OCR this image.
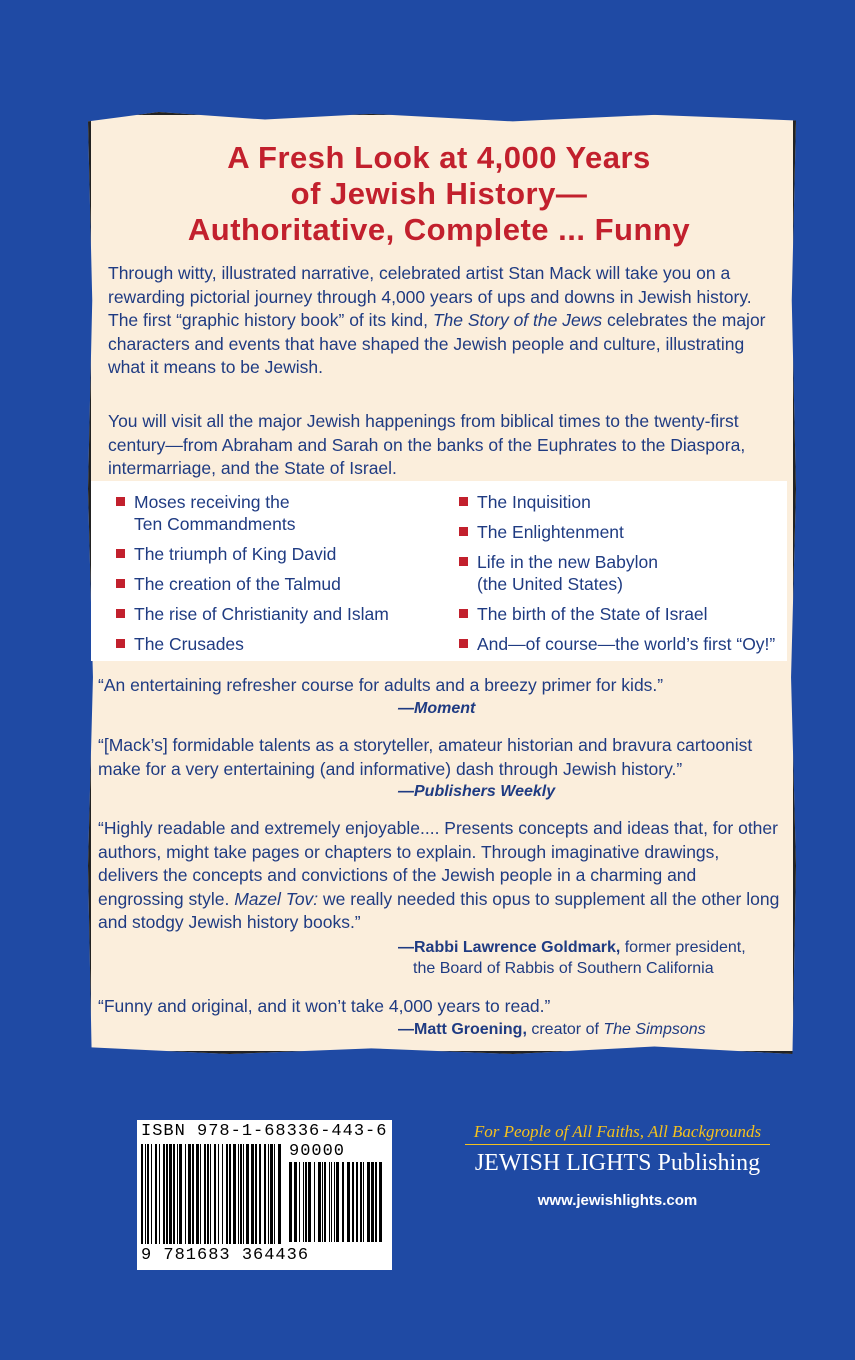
A Fresh Look at 4,000 Years
of Jewish History—
Authoritative, Complete ... Funny
Through witty, illustrated narrative, celebrated artist Stan Mack will take you on a rewarding pictorial journey through 4,000 years of ups and downs in Jewish history. The first “graphic history book” of its kind, The Story of the Jews celebrates the major characters and events that have shaped the Jewish people and culture, illustrating what it means to be Jewish.
You will visit all the major Jewish happenings from biblical times to the twenty-first century—from Abraham and Sarah on the banks of the Euphrates to the Diaspora, intermarriage, and the State of Israel.
Moses receiving the
Ten Commandments
The triumph of King David
The creation of the Talmud
The rise of Christianity and Islam
The Crusades
The Inquisition
The Enlightenment
Life in the new Babylon
(the United States)
The birth of the State of Israel
And—of course—the world’s first “Oy!”
“An entertaining refresher course for adults and a breezy primer for kids.”
—Moment
“[Mack’s] formidable talents as a storyteller, amateur historian and bravura cartoonist make for a very entertaining (and informative) dash through Jewish history.”
—Publishers Weekly
“Highly readable and extremely enjoyable.... Presents concepts and ideas that, for other authors, might take pages or chapters to explain. Through imaginative drawings, delivers the concepts and convictions of the Jewish people in a charming and engrossing style. Mazel Tov: we really needed this opus to supplement all the other long and stodgy Jewish history books.”
—Rabbi Lawrence Goldmark, former president,
the Board of Rabbis of Southern California
“Funny and original, and it won’t take 4,000 years to read.”
—Matt Groening, creator of The Simpsons
ISBN 978-1-68336-443-6
90000
9 781683 364436
For People of All Faiths, All Backgrounds
JEWISH LIGHTS Publishing
www.jewishlights.com
